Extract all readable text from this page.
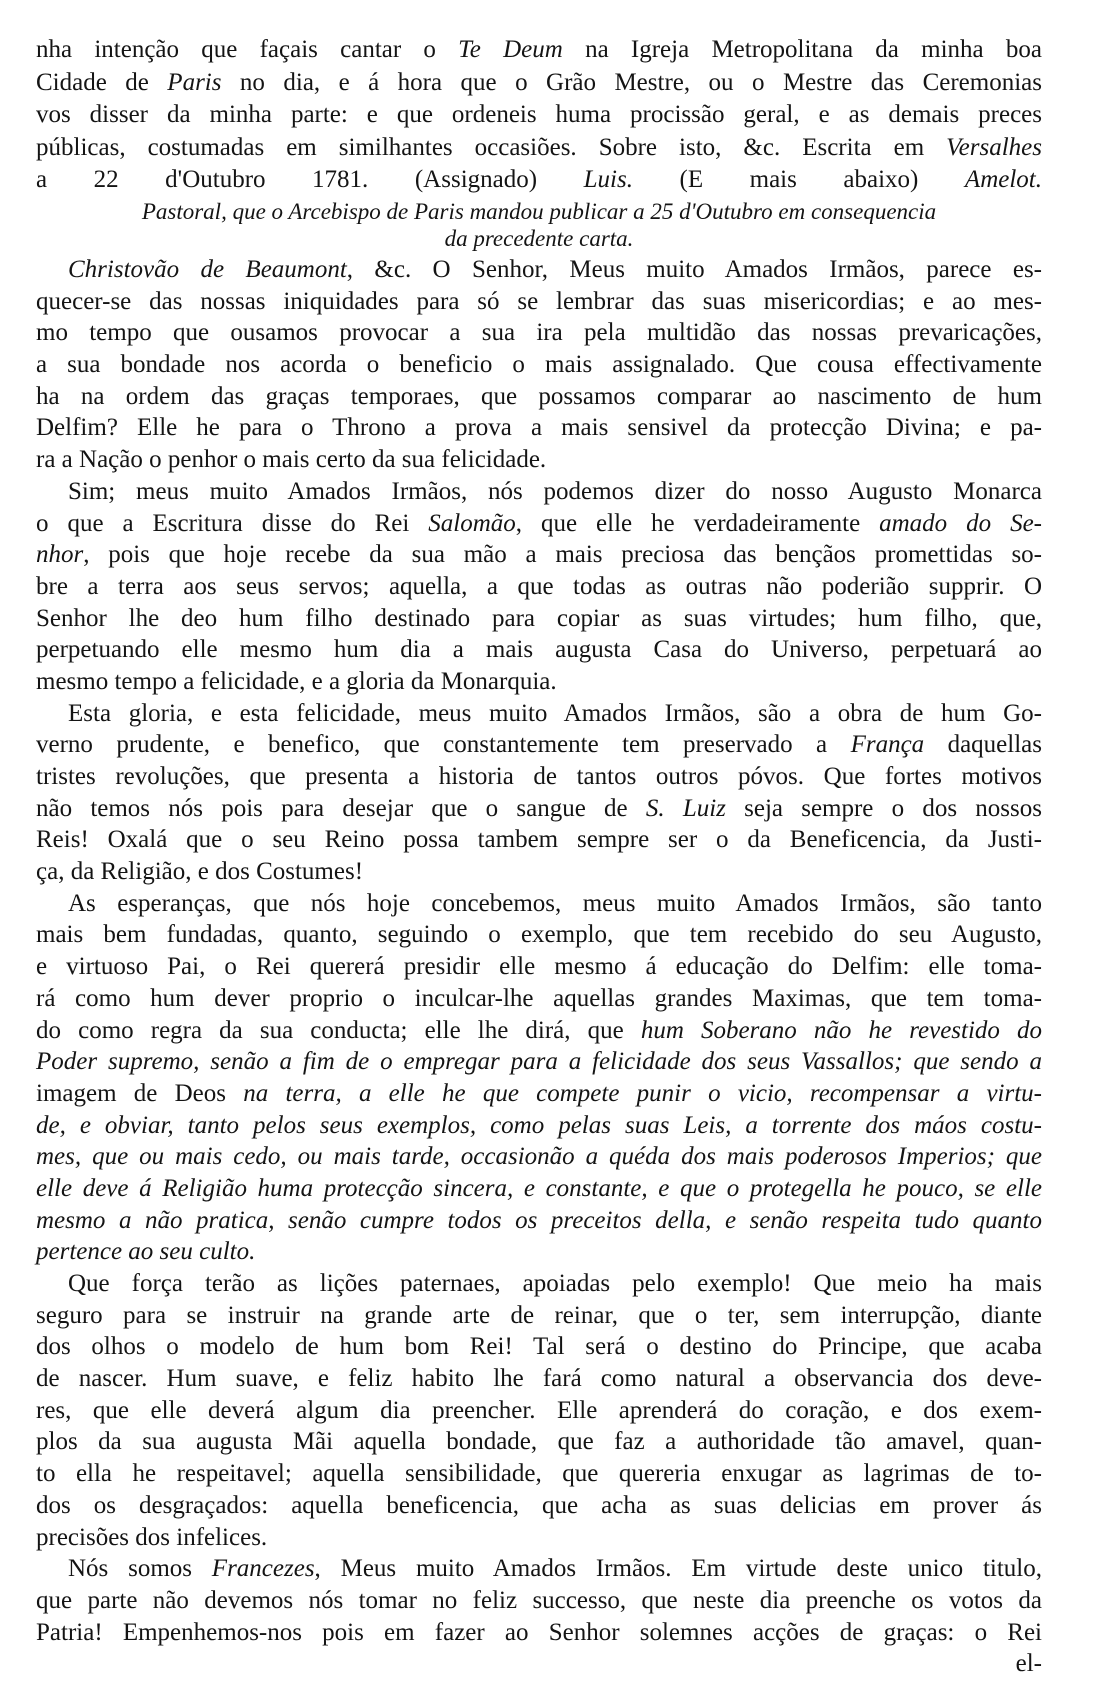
nha intenção que façais cantar o Te Deum na Igreja Metropolitana da minha boa
Cidade de Paris no dia, e á hora que o Grão Mestre, ou o Mestre das Ceremonias
vos disser da minha parte: e que ordeneis huma procissão geral, e as demais preces
públicas, costumadas em similhantes occasiões. Sobre isto, &c. Escrita em Versalhes
a 22 d'Outubro 1781. (Assignado) Luis. (E mais abaixo) Amelot.
Pastoral, que o Arcebispo de Paris mandou publicar a 25 d'Outubro em consequencia
da precedente carta.
Christovão de Beaumont, &c. O Senhor, Meus muito Amados Irmãos, parece es-
quecer-se das nossas iniquidades para só se lembrar das suas misericordias; e ao mes-
mo tempo que ousamos provocar a sua ira pela multidão das nossas prevaricações,
a sua bondade nos acorda o beneficio o mais assignalado. Que cousa effectivamente
ha na ordem das graças temporaes, que possamos comparar ao nascimento de hum
Delfim? Elle he para o Throno a prova a mais sensivel da protecção Divina; e pa-
ra a Nação o penhor o mais certo da sua felicidade.
Sim; meus muito Amados Irmãos, nós podemos dizer do nosso Augusto Monarca
o que a Escritura disse do Rei Salomão, que elle he verdadeiramente amado do Se-
nhor, pois que hoje recebe da sua mão a mais preciosa das bençãos promettidas so-
bre a terra aos seus servos; aquella, a que todas as outras não poderião supprir. O
Senhor lhe deo hum filho destinado para copiar as suas virtudes; hum filho, que,
perpetuando elle mesmo hum dia a mais augusta Casa do Universo, perpetuará ao
mesmo tempo a felicidade, e a gloria da Monarquia.
Esta gloria, e esta felicidade, meus muito Amados Irmãos, são a obra de hum Go-
verno prudente, e benefico, que constantemente tem preservado a França daquellas
tristes revoluções, que presenta a historia de tantos outros póvos. Que fortes motivos
não temos nós pois para desejar que o sangue de S. Luiz seja sempre o dos nossos
Reis! Oxalá que o seu Reino possa tambem sempre ser o da Beneficencia, da Justi-
ça, da Religião, e dos Costumes!
As esperanças, que nós hoje concebemos, meus muito Amados Irmãos, são tanto
mais bem fundadas, quanto, seguindo o exemplo, que tem recebido do seu Augusto,
e virtuoso Pai, o Rei quererá presidir elle mesmo á educação do Delfim: elle toma-
rá como hum dever proprio o inculcar-lhe aquellas grandes Maximas, que tem toma-
do como regra da sua conducta; elle lhe dirá, que hum Soberano não he revestido do
Poder supremo, senão a fim de o empregar para a felicidade dos seus Vassallos; que sendo a
imagem de Deos na terra, a elle he que compete punir o vicio, recompensar a virtu-
de, e obviar, tanto pelos seus exemplos, como pelas suas Leis, a torrente dos máos costu-
mes, que ou mais cedo, ou mais tarde, occasionão a quéda dos mais poderosos Imperios; que
elle deve á Religião huma protecção sincera, e constante, e que o protegella he pouco, se elle
mesmo a não pratica, senão cumpre todos os preceitos della, e senão respeita tudo quanto
pertence ao seu culto.
Que força terão as lições paternaes, apoiadas pelo exemplo! Que meio ha mais
seguro para se instruir na grande arte de reinar, que o ter, sem interrupção, diante
dos olhos o modelo de hum bom Rei! Tal será o destino do Principe, que acaba
de nascer. Hum suave, e feliz habito lhe fará como natural a observancia dos deve-
res, que elle deverá algum dia preencher. Elle aprenderá do coração, e dos exem-
plos da sua augusta Mãi aquella bondade, que faz a authoridade tão amavel, quan-
to ella he respeitavel; aquella sensibilidade, que quereria enxugar as lagrimas de to-
dos os desgraçados: aquella beneficencia, que acha as suas delicias em prover ás
precisões dos infelices.
Nós somos Francezes, Meus muito Amados Irmãos. Em virtude deste unico titulo,
que parte não devemos nós tomar no feliz successo, que neste dia preenche os votos da
Patria! Empenhemos-nos pois em fazer ao Senhor solemnes acções de graças: o Rei
el-
